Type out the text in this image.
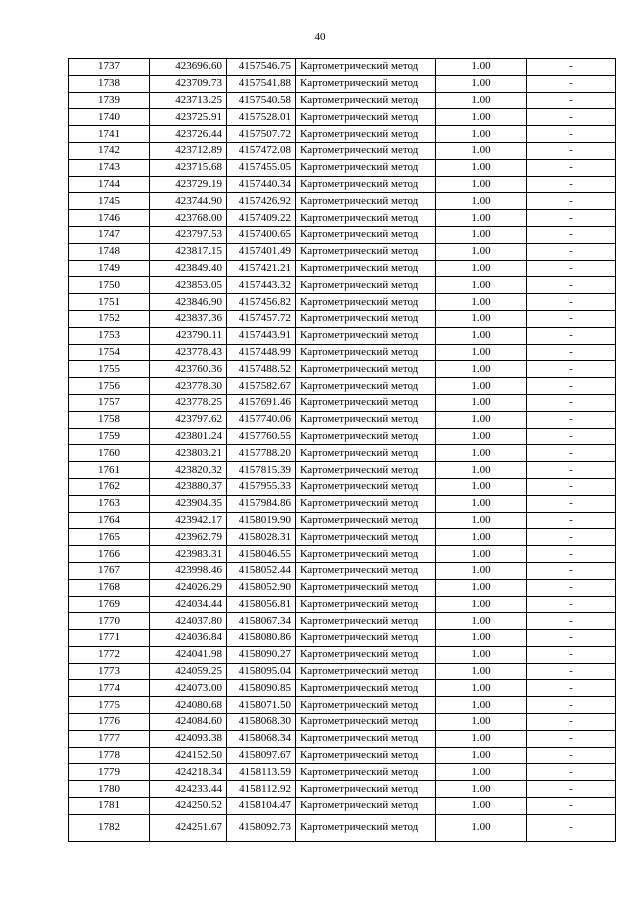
40
1737	423696.60	4157546.75	Картометрический метод	1.00	-
1738	423709.73	4157541.88	Картометрический метод	1.00	-
1739	423713.25	4157540.58	Картометрический метод	1.00	-
1740	423725.91	4157528.01	Картометрический метод	1.00	-
1741	423726.44	4157507.72	Картометрический метод	1.00	-
1742	423712.89	4157472.08	Картометрический метод	1.00	-
1743	423715.68	4157455.05	Картометрический метод	1.00	-
1744	423729.19	4157440.34	Картометрический метод	1.00	-
1745	423744.90	4157426.92	Картометрический метод	1.00	-
1746	423768.00	4157409.22	Картометрический метод	1.00	-
1747	423797.53	4157400.65	Картометрический метод	1.00	-
1748	423817.15	4157401.49	Картометрический метод	1.00	-
1749	423849.40	4157421.21	Картометрический метод	1.00	-
1750	423853.05	4157443.32	Картометрический метод	1.00	-
1751	423846.90	4157456.82	Картометрический метод	1.00	-
1752	423837.36	4157457.72	Картометрический метод	1.00	-
1753	423790.11	4157443.91	Картометрический метод	1.00	-
1754	423778.43	4157448.99	Картометрический метод	1.00	-
1755	423760.36	4157488.52	Картометрический метод	1.00	-
1756	423778.30	4157582.67	Картометрический метод	1.00	-
1757	423778.25	4157691.46	Картометрический метод	1.00	-
1758	423797.62	4157740.06	Картометрический метод	1.00	-
1759	423801.24	4157760.55	Картометрический метод	1.00	-
1760	423803.21	4157788.20	Картометрический метод	1.00	-
1761	423820.32	4157815.39	Картометрический метод	1.00	-
1762	423880.37	4157955.33	Картометрический метод	1.00	-
1763	423904.35	4157984.86	Картометрический метод	1.00	-
1764	423942.17	4158019.90	Картометрический метод	1.00	-
1765	423962.79	4158028.31	Картометрический метод	1.00	-
1766	423983.31	4158046.55	Картометрический метод	1.00	-
1767	423998.46	4158052.44	Картометрический метод	1.00	-
1768	424026.29	4158052.90	Картометрический метод	1.00	-
1769	424034.44	4158056.81	Картометрический метод	1.00	-
1770	424037.80	4158067.34	Картометрический метод	1.00	-
1771	424036.84	4158080.86	Картометрический метод	1.00	-
1772	424041.98	4158090.27	Картометрический метод	1.00	-
1773	424059.25	4158095.04	Картометрический метод	1.00	-
1774	424073.00	4158090.85	Картометрический метод	1.00	-
1775	424080.68	4158071.50	Картометрический метод	1.00	-
1776	424084.60	4158068.30	Картометрический метод	1.00	-
1777	424093.38	4158068.34	Картометрический метод	1.00	-
1778	424152.50	4158097.67	Картометрический метод	1.00	-
1779	424218.34	4158113.59	Картометрический метод	1.00	-
1780	424233.44	4158112.92	Картометрический метод	1.00	-
1781	424250.52	4158104.47	Картометрический метод	1.00	-
1782	424251.67	4158092.73	Картометрический метод	1.00	-
